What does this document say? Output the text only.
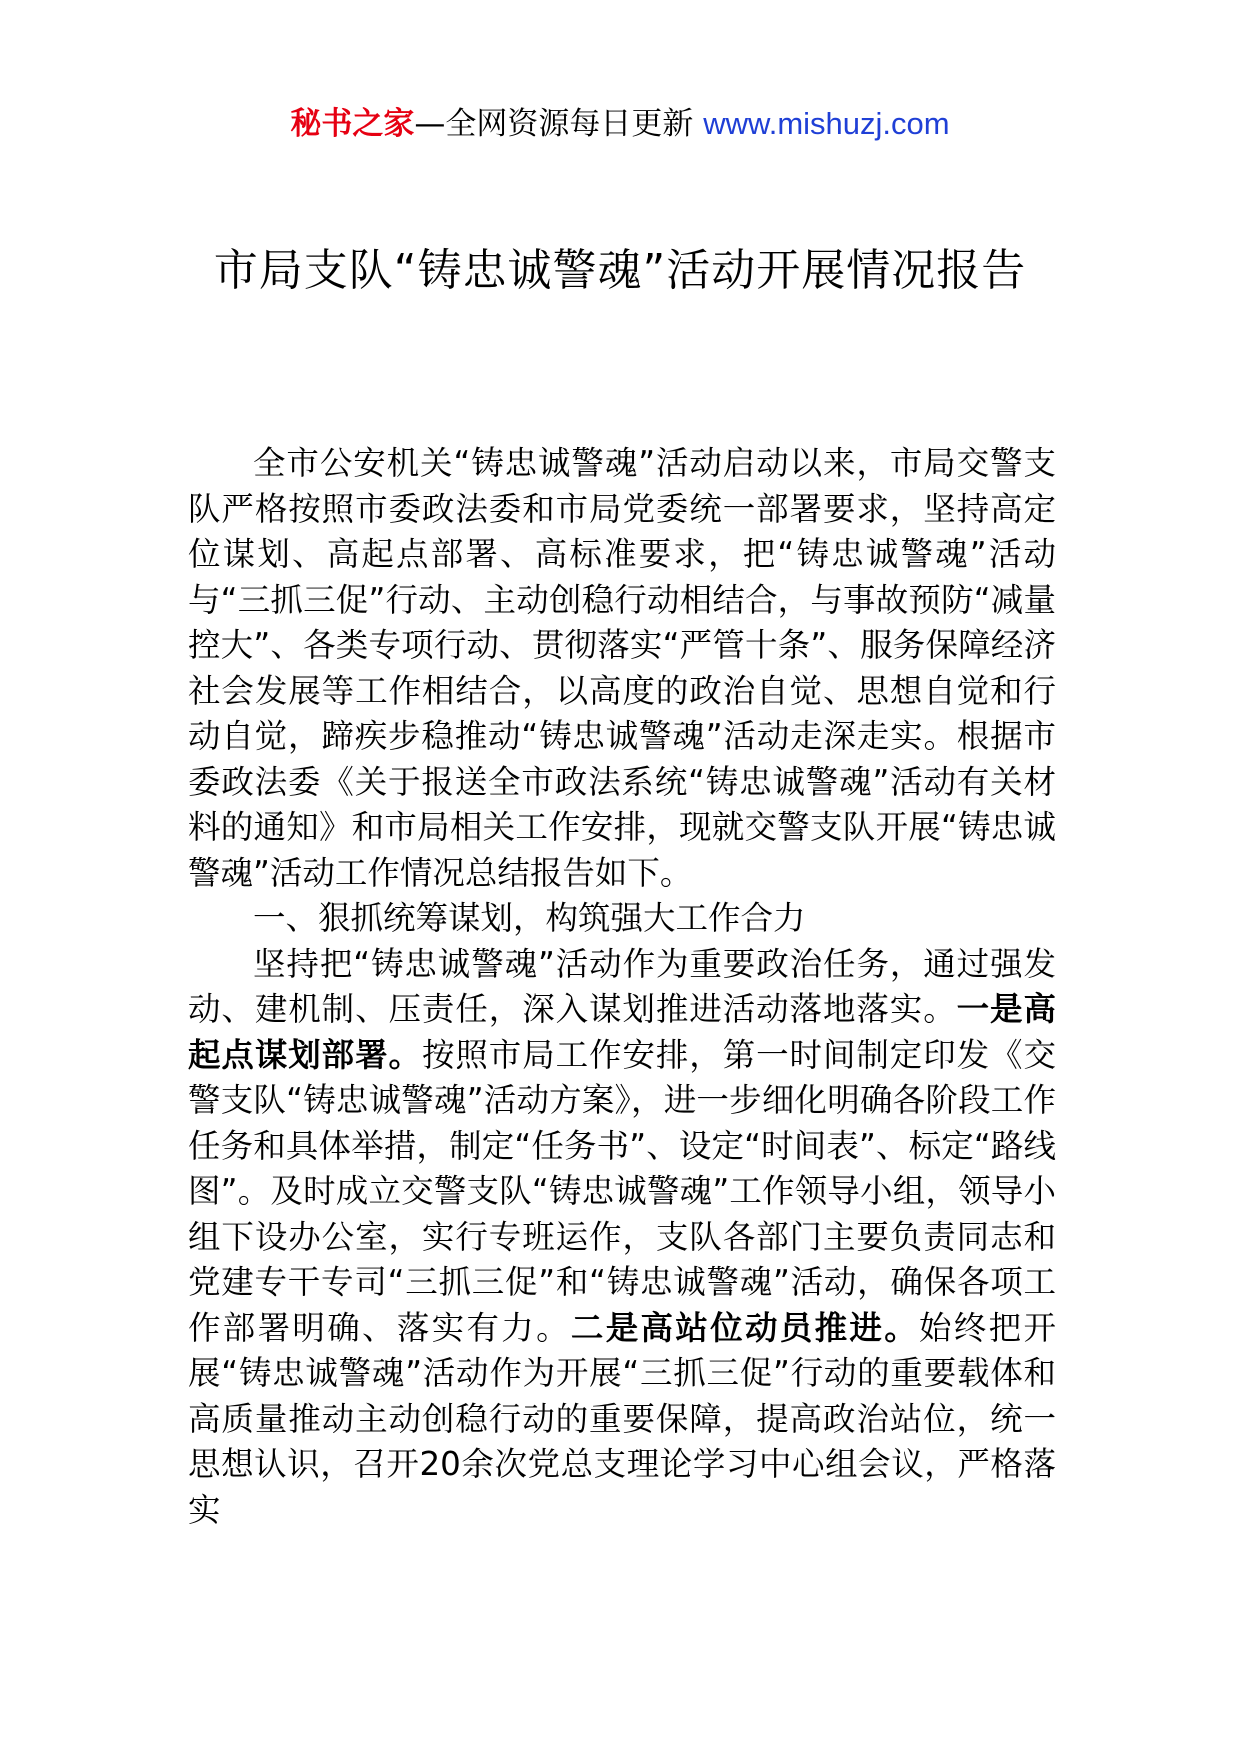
秘书之家—全网资源每日更新 www.mishuzj.com
市局支队“铸忠诚警魂”活动开展情况报告

全市公安机关“铸忠诚警魂”活动启动以来，市局交警支队严格按照市委政法委和市局党委统一部署要求，坚持高定位谋划、高起点部署、高标准要求，把“铸忠诚警魂”活动与“三抓三促”行动、主动创稳行动相结合，与事故预防“减量控大”、各类专项行动、贯彻落实“严管十条”、服务保障经济社会发展等工作相结合，以高度的政治自觉、思想自觉和行动自觉，蹄疾步稳推动“铸忠诚警魂”活动走深走实。根据市委政法委《关于报送全市政法系统“铸忠诚警魂”活动有关材料的通知》和市局相关工作安排，现就交警支队开展“铸忠诚警魂”活动工作情况总结报告如下。

一、狠抓统筹谋划，构筑强大工作合力

坚持把“铸忠诚警魂”活动作为重要政治任务，通过强发动、建机制、压责任，深入谋划推进活动落地落实。一是高起点谋划部署。按照市局工作安排，第一时间制定印发《交警支队“铸忠诚警魂”活动方案》，进一步细化明确各阶段工作任务和具体举措，制定“任务书”、设定“时间表”、标定“路线图”。及时成立交警支队“铸忠诚警魂”工作领导小组，领导小组下设办公室，实行专班运作，支队各部门主要负责同志和党建专干专司“三抓三促”和“铸忠诚警魂”活动，确保各项工作部署明确、落实有力。二是高站位动员推进。始终把开展“铸忠诚警魂”活动作为开展“三抓三促”行动的重要载体和高质量推动主动创稳行动的重要保障，提高政治站位，统一思想认识，召开20余次党总支理论学习中心组会议，严格落实
